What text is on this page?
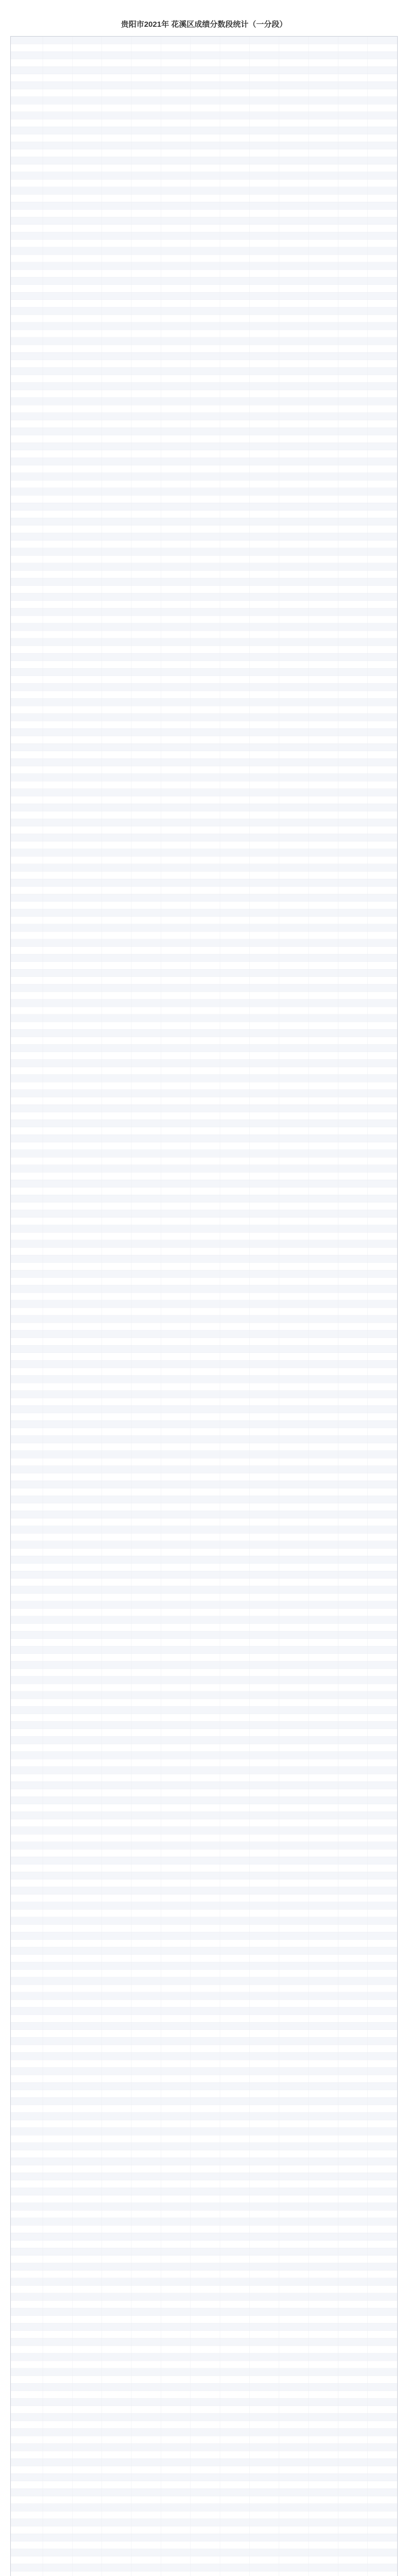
贵阳市2021年 花溪区成绩分数段统计（一分段）
